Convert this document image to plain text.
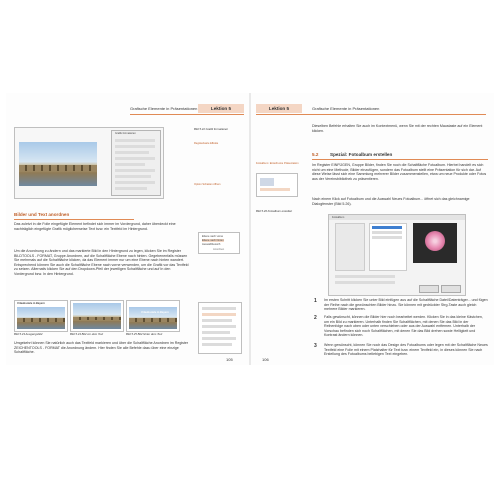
Grafische Elemente in Präsentationen	Lektion 5
Grafik formatieren
Registerkarte Effekte
Option Schatten öffnen
Bild 5.22 Grafik formatieren
Bilder und Text anordnen
Das zuletzt in die Folie eingefügte Element befindet sich immer im Vordergrund, daher überdeckt eine nachträglich eingefügte Grafik möglicherweise Text bzw. ein Textfeld im Hintergrund.
Um die Anordnung zu ändern und das markierte Bild in den Hintergrund zu legen, klicken Sie im Register BILDTOOLS - FORMAT, Gruppe Anordnen, auf die Schaltfläche Ebene nach hinten. Gegebenenfalls müssen Sie mehrmals auf die Schaltfläche klicken, da das Element immer nur um eine Ebene nach hinten wandert. Entsprechend können Sie auch die Schaltfläche Ebene nach vorne verwenden, um die Grafik vor das Textfeld zu setzen. Alternativ klicken Sie auf den Dropdown-Pfeil der jeweiligen Schaltfläche und auf In den Vordergrund bzw. In den Hintergrund.
Ebene nach vorne
Ebene nach hinten
Auswahlbereich
Anordnen
Urlaubsziele in Bayern
Urlaubsziele in Bayern
Bild 5.23 Ausgangsbild	Bild 5.24 Bild vor dem Text	Bild 5.25 Bild hinter dem Text
Umgekehrt können Sie natürlich auch das Textfeld markieren und über die Schaltfläche Anordnen im Register ZEICHENTOOLS - FORMAT die Anordnung ändern. Hier finden Sie alle Befehle dazu über eine einzige Schaltfläche.
105
Lektion 5	Grafische Elemente in Präsentationen
Dieselben Befehle erhalten Sie auch im Kontextmenü, wenn Sie mit der rechten Maustaste auf ein Element klicken.
5.2	Spezial: Fotoalbum erstellen
Fotoalbum: Erstellt eine Präsentation	Im Register EINFÜGEN, Gruppe Bilder, finden Sie noch die Schaltfläche Fotoalbum. Hierbei handelt es sich nicht um eine Methode, Bilder einzufügen, sondern das Fotoalbum stellt eine Präsentation für sich dar. Auf diese Weise lässt sich eine Sammlung mehrerer Bilder zusammenstellen, etwa um neue Produkte oder Fotos aus der Vereinsbibliothek zu präsentieren.
Nach einem Klick auf Fotoalbum und die Auswahl Neues Fotoalbum... öffnet sich das gleichnamige Dialogfenster (Bild 5.26).
Fotoalbum
Bild 5.26 Fotoalbum erstellen
1 Im ersten Schritt klicken Sie unter Bild einfügen aus auf die Schaltfläche Datei/Datenträger... und fügen der Reihe nach die gewünschten Bilder hinzu. Sie können mit gedrückter Strg-Taste auch gleich mehrere Bilder markieren.
2 Falls gewünscht, können die Bilder hier noch bearbeitet werden. Klicken Sie in das kleine Kästchen, um ein Bild zu markieren. Unterhalb finden Sie Schaltflächen, mit denen Sie das Bild in der Reihenfolge nach oben oder unten verschieben oder aus der Auswahl entfernen. Unterhalb der Vorschau befinden sich noch Schaltflächen, mit denen Sie das Bild drehen sowie Helligkeit und Kontrast ändern können.
3 Wenn gewünscht, können Sie noch das Design des Fotoalbums oder legen mit der Schaltfläche Neues Textfeld eine Folie mit einem Platzhalter für Text bzw. einem Textfeld ein, in dieses können Sie nach Erstellung des Fotoalbums beliebigen Text eingeben.
106
